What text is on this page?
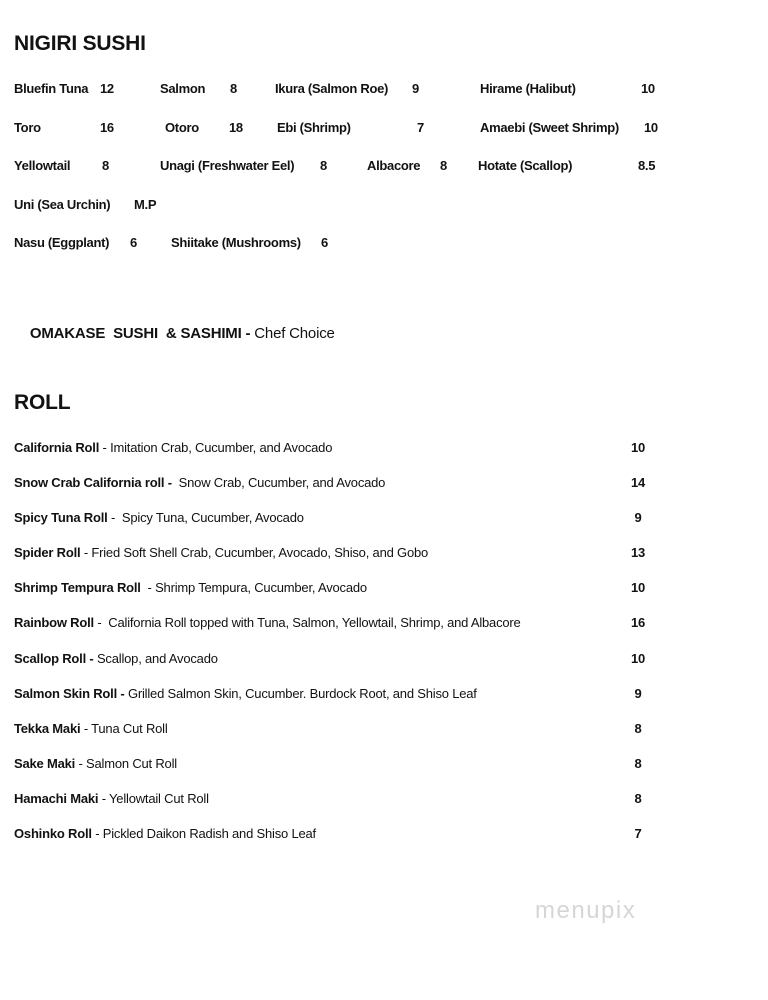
NIGIRI SUSHI
Bluefin Tuna 12	Salmon 8	Ikura (Salmon Roe) 9	Hirame (Halibut)	10
Toro	16	Otoro 18	Ebi (Shrimp)	7	Amaebi (Sweet Shrimp) 10
Yellowtail 8	Unagi (Freshwater Eel) 8	Albacore 8 Hotate (Scallop)	8.5
Uni (Sea Urchin) M.P
Nasu (Eggplant) 6	Shiitake (Mushrooms) 6

OMAKASE  SUSHI  & SASHIMI - Chef Choice

ROLL
California Roll - Imitation Crab, Cucumber, and Avocado	10
Snow Crab California roll -  Snow Crab, Cucumber, and Avocado	14
Spicy Tuna Roll -  Spicy Tuna, Cucumber, Avocado	9
Spider Roll - Fried Soft Shell Crab, Cucumber, Avocado, Shiso, and Gobo	13
Shrimp Tempura Roll  - Shrimp Tempura, Cucumber, Avocado	10
Rainbow Roll -  California Roll topped with Tuna, Salmon, Yellowtail, Shrimp, and Albacore	16
Scallop Roll - Scallop, and Avocado	10
Salmon Skin Roll - Grilled Salmon Skin, Cucumber. Burdock Root, and Shiso Leaf	9
Tekka Maki - Tuna Cut Roll	8
Sake Maki - Salmon Cut Roll	8
Hamachi Maki - Yellowtail Cut Roll	8
Oshinko Roll - Pickled Daikon Radish and Shiso Leaf	7
menupix
